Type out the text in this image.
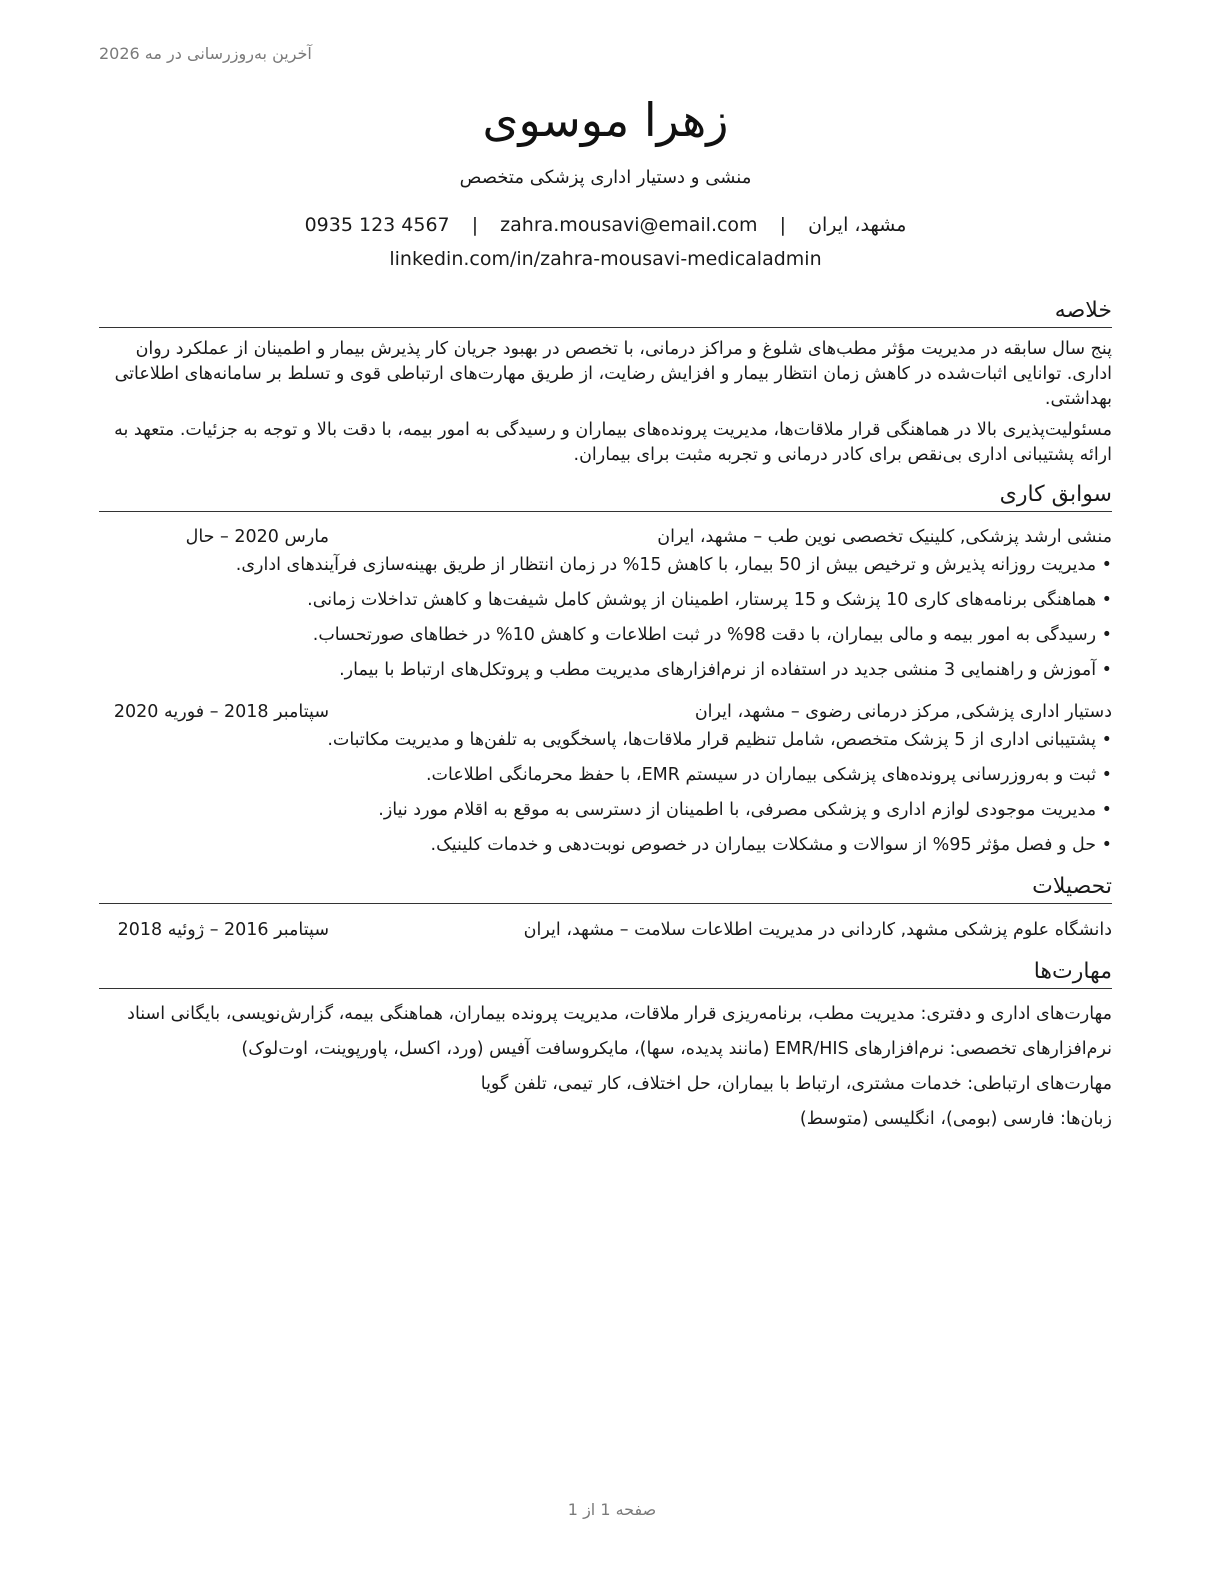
آخرین به‌روزرسانی در مه 2026
زهرا موسوی
منشی و دستیار اداری پزشکی متخصص
مشهد، ایران | zahra.mousavi@email.com | 0935 123 4567
linkedin.com/in/zahra-mousavi-medicaladmin
خلاصه

پنج سال سابقه در مدیریت مؤثر مطب‌های شلوغ و مراکز درمانی، با تخصص در بهبود جریان کار پذیرش بیمار و اطمینان از عملکرد روان اداری. توانایی اثبات‌شده در کاهش زمان انتظار بیمار و افزایش رضایت، از طریق مهارت‌های ارتباطی قوی و تسلط بر سامانه‌های اطلاعاتی بهداشتی.

مسئولیت‌پذیری بالا در هماهنگی قرار ملاقات‌ها، مدیریت پرونده‌های بیماران و رسیدگی به امور بیمه، با دقت بالا و توجه به جزئیات. متعهد به ارائه پشتیبانی اداری بی‌نقص برای کادر درمانی و تجربه مثبت برای بیماران.

سوابق کاری
منشی ارشد پزشکی, کلینیک تخصصی نوین طب – مشهد، ایران
مارس 2020 – حال
• مدیریت روزانه پذیرش و ترخیص بیش از 50 بیمار، با کاهش 15% در زمان انتظار از طریق بهینه‌سازی فرآیندهای اداری.
• هماهنگی برنامه‌های کاری 10 پزشک و 15 پرستار، اطمینان از پوشش کامل شیفت‌ها و کاهش تداخلات زمانی.
• رسیدگی به امور بیمه و مالی بیماران، با دقت 98% در ثبت اطلاعات و کاهش 10% در خطاهای صورتحساب.
• آموزش و راهنمایی 3 منشی جدید در استفاده از نرم‌افزارهای مدیریت مطب و پروتکل‌های ارتباط با بیمار.
دستیار اداری پزشکی, مرکز درمانی رضوی – مشهد، ایران
سپتامبر 2018 – فوریه 2020
• پشتیبانی اداری از 5 پزشک متخصص، شامل تنظیم قرار ملاقات‌ها، پاسخگویی به تلفن‌ها و مدیریت مکاتبات.
• ثبت و به‌روزرسانی پرونده‌های پزشکی بیماران در سیستم EMR، با حفظ محرمانگی اطلاعات.
• مدیریت موجودی لوازم اداری و پزشکی مصرفی، با اطمینان از دسترسی به موقع به اقلام مورد نیاز.
• حل و فصل مؤثر 95% از سوالات و مشکلات بیماران در خصوص نوبت‌دهی و خدمات کلینیک.
تحصیلات
دانشگاه علوم پزشکی مشهد, کاردانی در مدیریت اطلاعات سلامت – مشهد، ایران
سپتامبر 2016 – ژوئیه 2018
مهارت‌ها

مهارت‌های اداری و دفتری: مدیریت مطب، برنامه‌ریزی قرار ملاقات، مدیریت پرونده بیماران، هماهنگی بیمه، گزارش‌نویسی، بایگانی اسناد

نرم‌افزارهای تخصصی: نرم‌افزارهای EMR/HIS (مانند پدیده، سها)، مایکروسافت آفیس (ورد، اکسل، پاورپوینت، اوت‌لوک)

مهارت‌های ارتباطی: خدمات مشتری، ارتباط با بیماران، حل اختلاف، کار تیمی، تلفن گویا

زبان‌ها: فارسی (بومی)، انگلیسی (متوسط)

صفحه 1 از 1
